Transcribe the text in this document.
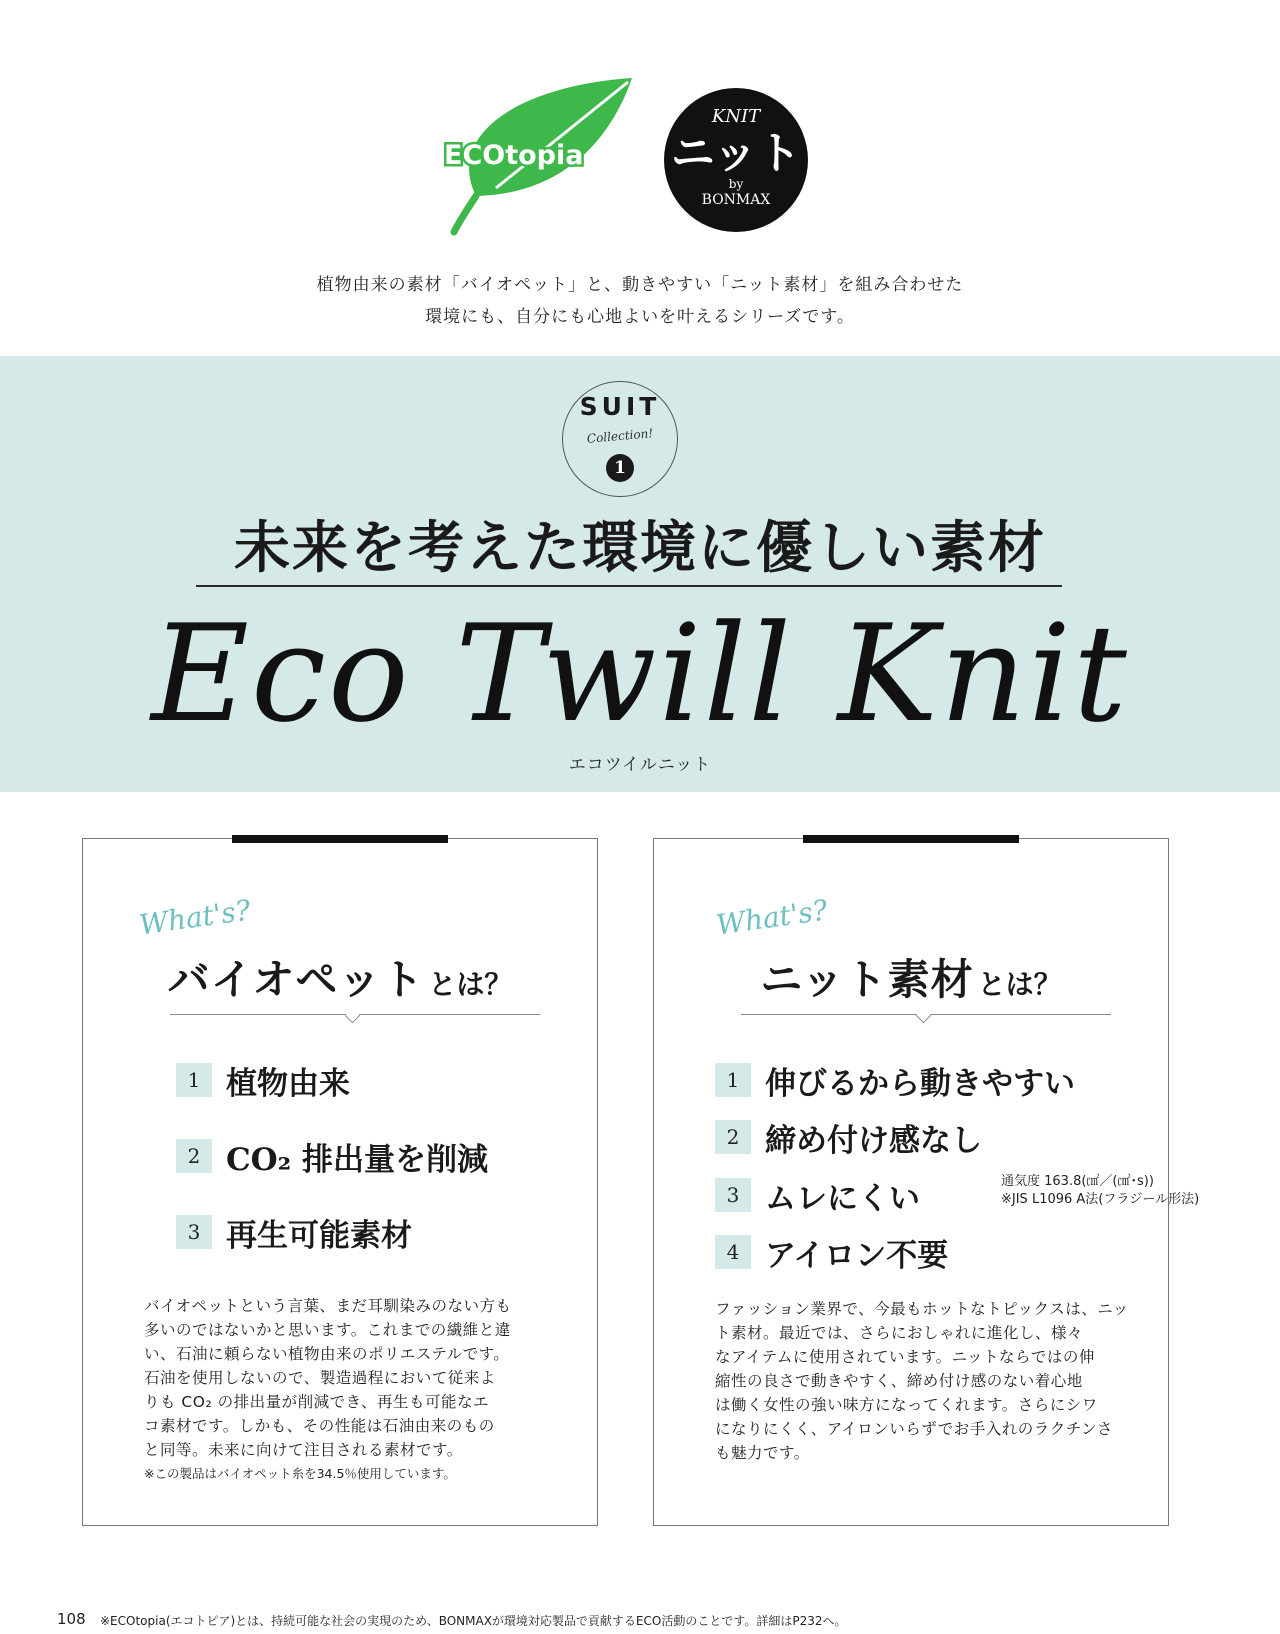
ECOtopia
KNIT
ニット
by
BONMAX
植物由来の素材「バイオペット」と、動きやすい「ニット素材」を組み合わせた
環境にも、自分にも心地よいを叶えるシリーズです。
SUIT
Collection!
1
未来を考えた環境に優しい素材
Eco Twill Knit
エコツイルニット
What's?
バイオペット とは？
1 植物由来
2 CO₂ 排出量を削減
3 再生可能素材
バイオペットという言葉、まだ耳馴染みのない方も
多いのではないかと思います。これまでの繊維と違
い、石油に頼らない植物由来のポリエステルです。
石油を使用しないので、製造過程において従来よ
りも CO₂ の排出量が削減でき、再生も可能なエ
コ素材です。しかも、その性能は石油由来のもの
と同等。未来に向けて注目される素材です。
※この製品はバイオペット糸を34.5％使用しています。
What's?
ニット素材 とは？
1 伸びるから動きやすい
2 締め付け感なし
3 ムレにくい	通気度 163.8(㎠／(㎠･s))
※JIS L1096 A法(フラジール形法)
4 アイロン不要
ファッション業界で、今最もホットなトピックスは、ニッ
ト素材。最近では、さらにおしゃれに進化し、様々
なアイテムに使用されています。ニットならではの伸
縮性の良さで動きやすく、締め付け感のない着心地
は働く女性の強い味方になってくれます。さらにシワ
になりにくく、アイロンいらずでお手入れのラクチンさ
も魅力です。
108 ※ECOtopia(エコトピア)とは、持続可能な社会の実現のため、BONMAXが環境対応製品で貢献するECO活動のことです。詳細はP232へ。
